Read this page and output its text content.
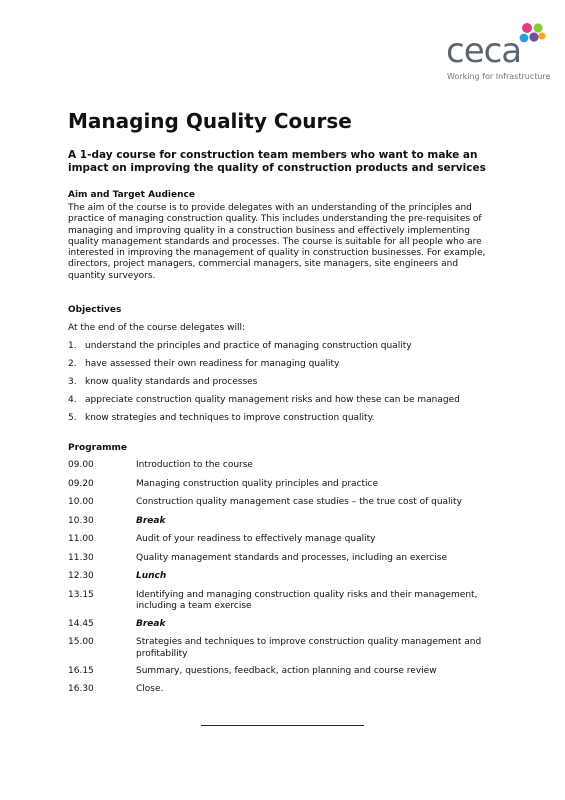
ceca
Working for Infrastructure
Managing Quality Course

A 1-day course for construction team members who want to make an impact on improving the quality of construction products and services

Aim and Target Audience

The aim of the course is to provide delegates with an understanding of the principles and practice of managing construction quality. This includes understanding the pre-requisites of managing and improving quality in a construction business and effectively implementing quality management standards and processes. The course is suitable for all people who are interested in improving the management of quality in construction businesses. For example, directors, project managers, commercial managers, site managers, site engineers and quantity surveyors.

Objectives
At the end of the course delegates will:
1. understand the principles and practice of managing construction quality
2. have assessed their own readiness for managing quality
3. know quality standards and processes
4. appreciate construction quality management risks and how these can be managed
5. know strategies and techniques to improve construction quality.
Programme
09.00	Introduction to the course
09.20	Managing construction quality principles and practice
10.00	Construction quality management case studies – the true cost of quality
10.30	Break
11.00	Audit of your readiness to effectively manage quality
11.30	Quality management standards and processes, including an exercise
12.30	Lunch
13.15	Identifying and managing construction quality risks and their management, including a team exercise
14.45	Break
15.00	Strategies and techniques to improve construction quality management and profitability
16.15	Summary, questions, feedback, action planning and course review
16.30	Close.
